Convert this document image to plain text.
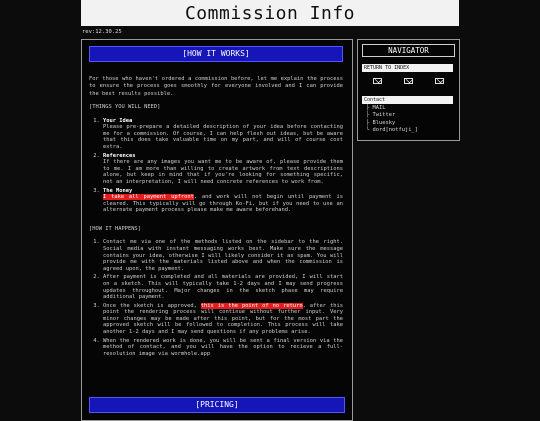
Commission Info
rev:12.30.25
[HOW IT WORKS]

For those who haven't ordered a commission before, let me explain the process to ensure the process goes smoothly for everyone involved and I can provide the best results possible.

[THINGS YOU WILL NEED]

1. Your Idea
Please pre-prepare a detailed description of your idea before contacting me for a commission. Of course, I can help flesh out ideas, but be aware that this does take valuable time on my part, and will of course cost extra.
2. References
If there are any images you want me to be aware of, please provide them to me. I am more than willing to create artwork from text descriptions alone, but keep in mind that if you're looking for something specific, not an interpretation, I will need concrete references to work from.
3. The Money
I take all payment upfront, and work will not begin until payment is cleared. This typically will go through Ko-Fi, but if you need to use an alternate payment process please make me aware beforehand.

[HOW IT HAPPENS]

1. Contact me via one of the methods listed on the sidebar to the right. Social media with instant messaging works best. Make sure the message contains your idea, otherwise I will likely consider it as spam. You will provide me with the materials listed above and when the commission is agreed upon, the payment.
2. After payment is completed and all materials are provided, I will start on a sketch. This will typically take 1-2 days and I may send progress updates throughout. Major changes in the sketch phase may require additional payment.
3. Once the sketch is approved, this is the point of no return, after this point the rendering process will continue without further input. Very minor changes may be made after this point, but for the most part the approved sketch will be followed to completion. This process will take another 1-2 days and I may send questions if any problems arise.
4. When the rendered work is done, you will be sent a final version via the method of contact, and you will have the option to recieve a full-resolution image via wormhole.app
[PRICING]
NAVIGATOR
RETURN TO INDEX
Contact
├ MAIL
├ Twitter
├ Bluesky
└ dord[notfuji_]
